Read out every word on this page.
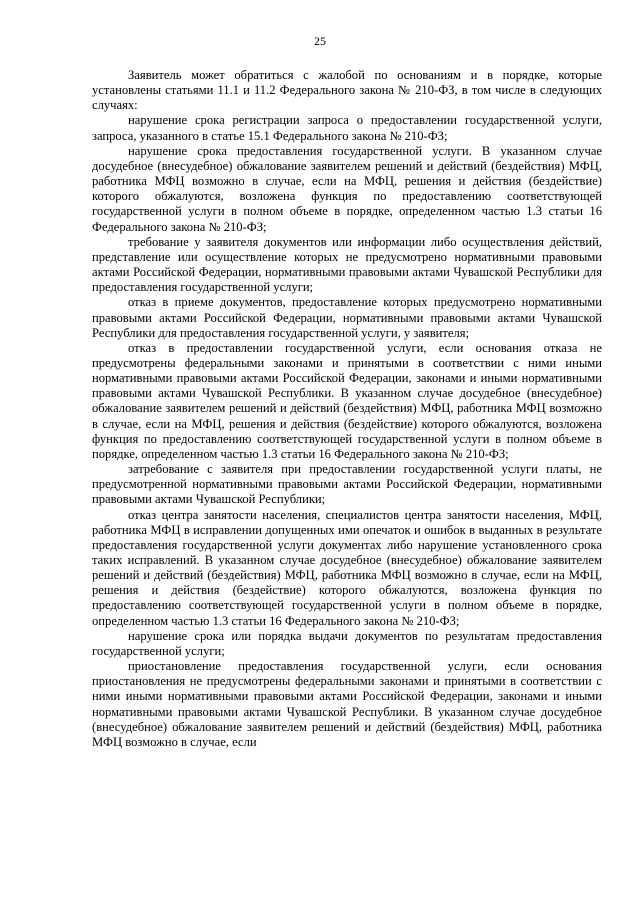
25

Заявитель может обратиться с жалобой по основаниям и в порядке, которые установлены статьями 11.1 и 11.2 Федерального закона № 210-ФЗ, в том числе в следующих случаях:

нарушение срока регистрации запроса о предоставлении государственной услуги, запроса, указанного в статье 15.1 Федерального закона № 210-ФЗ;

нарушение срока предоставления государственной услуги. В указанном случае досудебное (внесудебное) обжалование заявителем решений и действий (бездействия) МФЦ, работника МФЦ возможно в случае, если на МФЦ, решения и действия (бездействие) которого обжалуются, возложена функция по предоставлению соответствующей государственной услуги в полном объеме в порядке, определенном частью 1.3 статьи 16 Федерального закона № 210-ФЗ;

требование у заявителя документов или информации либо осуществления действий, представление или осуществление которых не предусмотрено нормативными правовыми актами Российской Федерации, нормативными правовыми актами Чувашской Республики для предоставления государственной услуги;

отказ в приеме документов, предоставление которых предусмотрено нормативными правовыми актами Российской Федерации, нормативными правовыми актами Чувашской Республики для предоставления государственной услуги, у заявителя;

отказ в предоставлении государственной услуги, если основания отказа не предусмотрены федеральными законами и принятыми в соответствии с ними иными нормативными правовыми актами Российской Федерации, законами и иными нормативными правовыми актами Чувашской Республики. В указанном случае досудебное (внесудебное) обжалование заявителем решений и действий (бездействия) МФЦ, работника МФЦ возможно в случае, если на МФЦ, решения и действия (бездействие) которого обжалуются, возложена функция по предоставлению соответствующей государственной услуги в полном объеме в порядке, определенном частью 1.3 статьи 16 Федерального закона № 210-ФЗ;

затребование с заявителя при предоставлении государственной услуги платы, не предусмотренной нормативными правовыми актами Российской Федерации, нормативными правовыми актами Чувашской Республики;

отказ центра занятости населения, специалистов центра занятости населения, МФЦ, работника МФЦ в исправлении допущенных ими опечаток и ошибок в выданных в результате предоставления государственной услуги документах либо нарушение установленного срока таких исправлений. В указанном случае досудебное (внесудебное) обжалование заявителем решений и действий (бездействия) МФЦ, работника МФЦ возможно в случае, если на МФЦ, решения и действия (бездействие) которого обжалуются, возложена функция по предоставлению соответствующей государственной услуги в полном объеме в порядке, определенном частью 1.3 статьи 16 Федерального закона № 210-ФЗ;

нарушение срока или порядка выдачи документов по результатам предоставления государственной услуги;

приостановление предоставления государственной услуги, если основания приостановления не предусмотрены федеральными законами и принятыми в соответствии с ними иными нормативными правовыми актами Российской Федерации, законами и иными нормативными правовыми актами Чувашской Республики. В указанном случае досудебное (внесудебное) обжалование заявителем решений и действий (бездействия) МФЦ, работника МФЦ возможно в случае, если
